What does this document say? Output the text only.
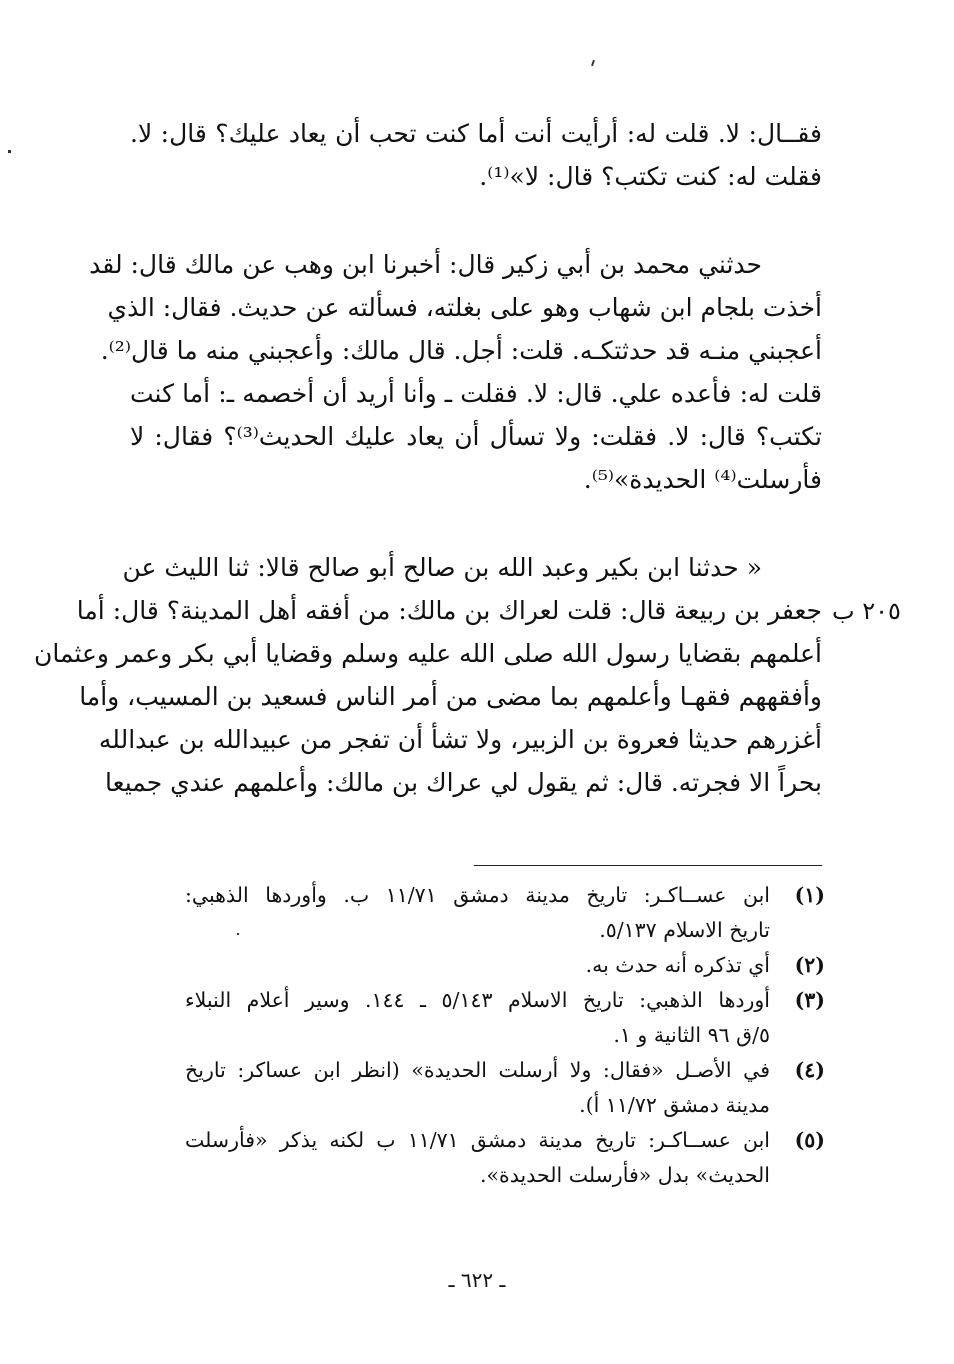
فقــال: لا. قلت له: أرأيت أنت أما كنت تحب أن يعاد عليك؟ قال: لا.
فقلت له: كنت تكتب؟ قال: لا»⁽¹⁾.
حدثني محمد بن أبي زكير قال: أخبرنا ابن وهب عن مالك قال: لقد
أخذت بلجام ابن شهاب وهو على بغلته، فسألته عن حديث. فقال: الذي
أعجبني منـه قد حدثتكـه. قلت: أجل. قال مالك: وأعجبني منه ما قال⁽²⁾.
قلت له: فأعده علي. قال: لا. فقلت ـ وأنا أريد أن أخصمه ـ: أما كنت
تكتب؟ قال: لا. فقلت: ولا تسأل أن يعاد عليك الحديث⁽³⁾؟ فقال: لا
فأرسلت⁽⁴⁾ الحديدة»⁽⁵⁾.
٢٠٥ ب
« حدثنا ابن بكير وعبد الله بن صالح أبو صالح قالا: ثنا الليث عن
جعفر بن ربيعة قال: قلت لعراك بن مالك: من أفقه أهل المدينة؟ قال: أما
أعلمهم بقضايا رسول الله صلى الله عليه وسلم وقضايا أبي بكر وعمر وعثمان
وأفقههم فقهـا وأعلمهم بما مضى من أمر الناس فسعيد بن المسيب، وأما
أغزرهم حديثا فعروة بن الزبير، ولا تشأ أن تفجر من عبيدالله بن عبدالله
بحراً الا فجرته. قال: ثم يقول لي عراك بن مالك: وأعلمهم عندي جميعا
(١)
ابن عســاكـر: تاريخ مدينة دمشق ١١/٧١ ب. وأوردها الذهبي:
تاريخ الاسلام ٥/١٣٧.
(٢)
أي تذكره أنه حدث به.
(٣)
أوردها الذهبي: تاريخ الاسلام ٥/١٤٣ ـ ١٤٤. وسير أعلام النبلاء
٥/ق ٩٦ الثانية و ١.
(٤)
في الأصـل «فقال: ولا أرسلت الحديدة» (انظر ابن عساكر: تاريخ
مدينة دمشق ١١/٧٢ أ).
(٥)
ابن عســاكـر: تاريخ مدينة دمشق ١١/٧١ ب لكنه يذكر «فأرسلت
الحديث» بدل «فأرسلت الحديدة».
ـ ٦٢٢ ـ
